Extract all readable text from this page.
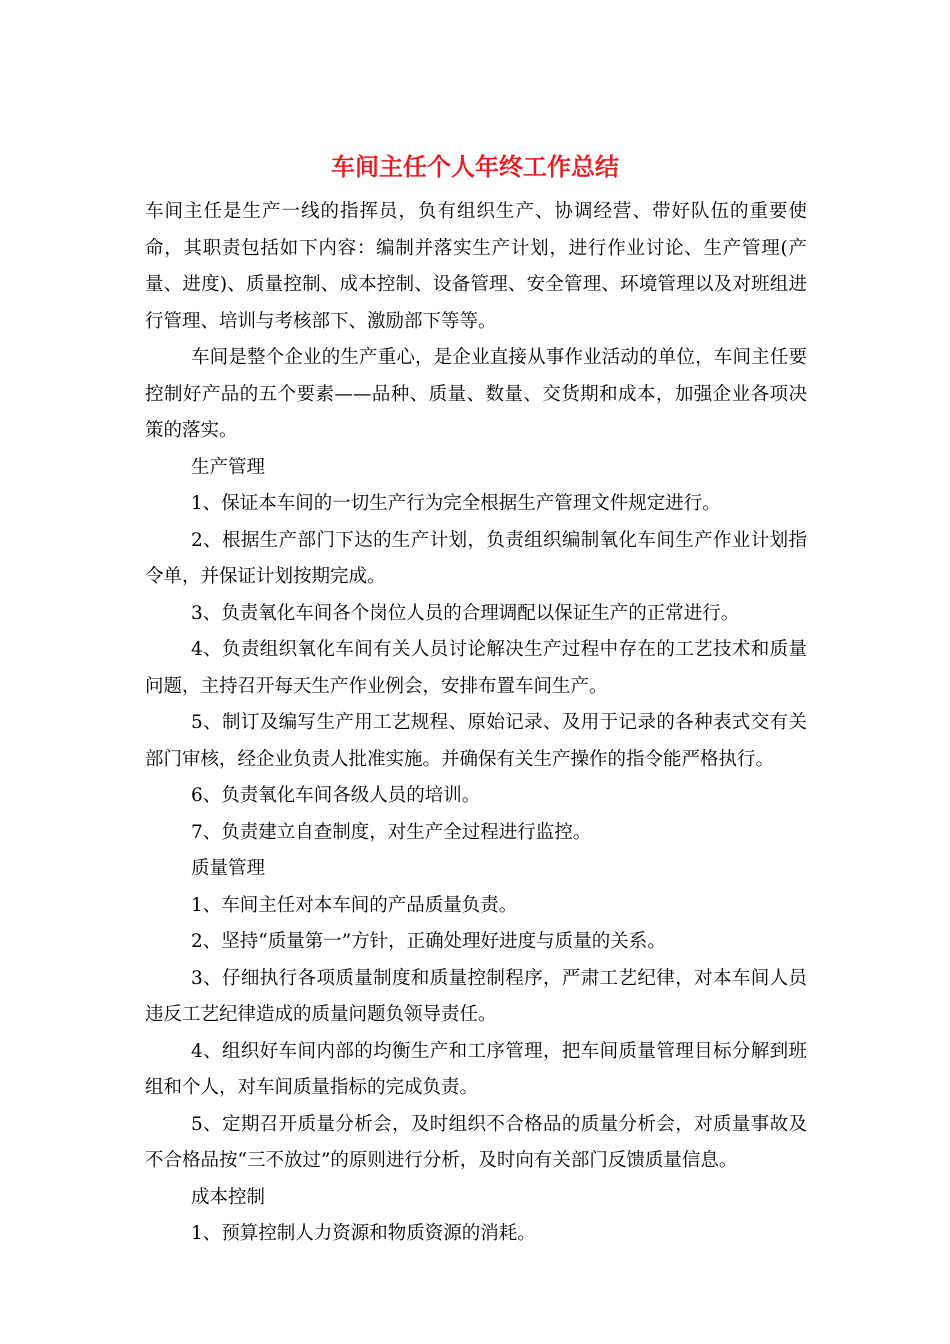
车间主任个人年终工作总结

车间主任是生产一线的指挥员，负有组织生产、协调经营、带好队伍的重要使命，其职责包括如下内容：编制并落实生产计划，进行作业讨论、生产管理(产量、进度)、质量控制、成本控制、设备管理、安全管理、环境管理以及对班组进行管理、培训与考核部下、激励部下等等。

车间是整个企业的生产重心，是企业直接从事作业活动的单位，车间主任要控制好产品的五个要素——品种、质量、数量、交货期和成本，加强企业各项决策的落实。

生产管理

1、保证本车间的一切生产行为完全根据生产管理文件规定进行。

2、根据生产部门下达的生产计划，负责组织编制氧化车间生产作业计划指令单，并保证计划按期完成。

3、负责氧化车间各个岗位人员的合理调配以保证生产的正常进行。

4、负责组织氧化车间有关人员讨论解决生产过程中存在的工艺技术和质量问题，主持召开每天生产作业例会，安排布置车间生产。

5、制订及编写生产用工艺规程、原始记录、及用于记录的各种表式交有关部门审核，经企业负责人批准实施。并确保有关生产操作的指令能严格执行。

6、负责氧化车间各级人员的培训。

7、负责建立自查制度，对生产全过程进行监控。

质量管理

1、车间主任对本车间的产品质量负责。

2、坚持“质量第一”方针，正确处理好进度与质量的关系。

3、仔细执行各项质量制度和质量控制程序，严肃工艺纪律，对本车间人员违反工艺纪律造成的质量问题负领导责任。

4、组织好车间内部的均衡生产和工序管理，把车间质量管理目标分解到班组和个人，对车间质量指标的完成负责。

5、定期召开质量分析会，及时组织不合格品的质量分析会，对质量事故及不合格品按“三不放过”的原则进行分析，及时向有关部门反馈质量信息。

成本控制

1、预算控制人力资源和物质资源的消耗。
